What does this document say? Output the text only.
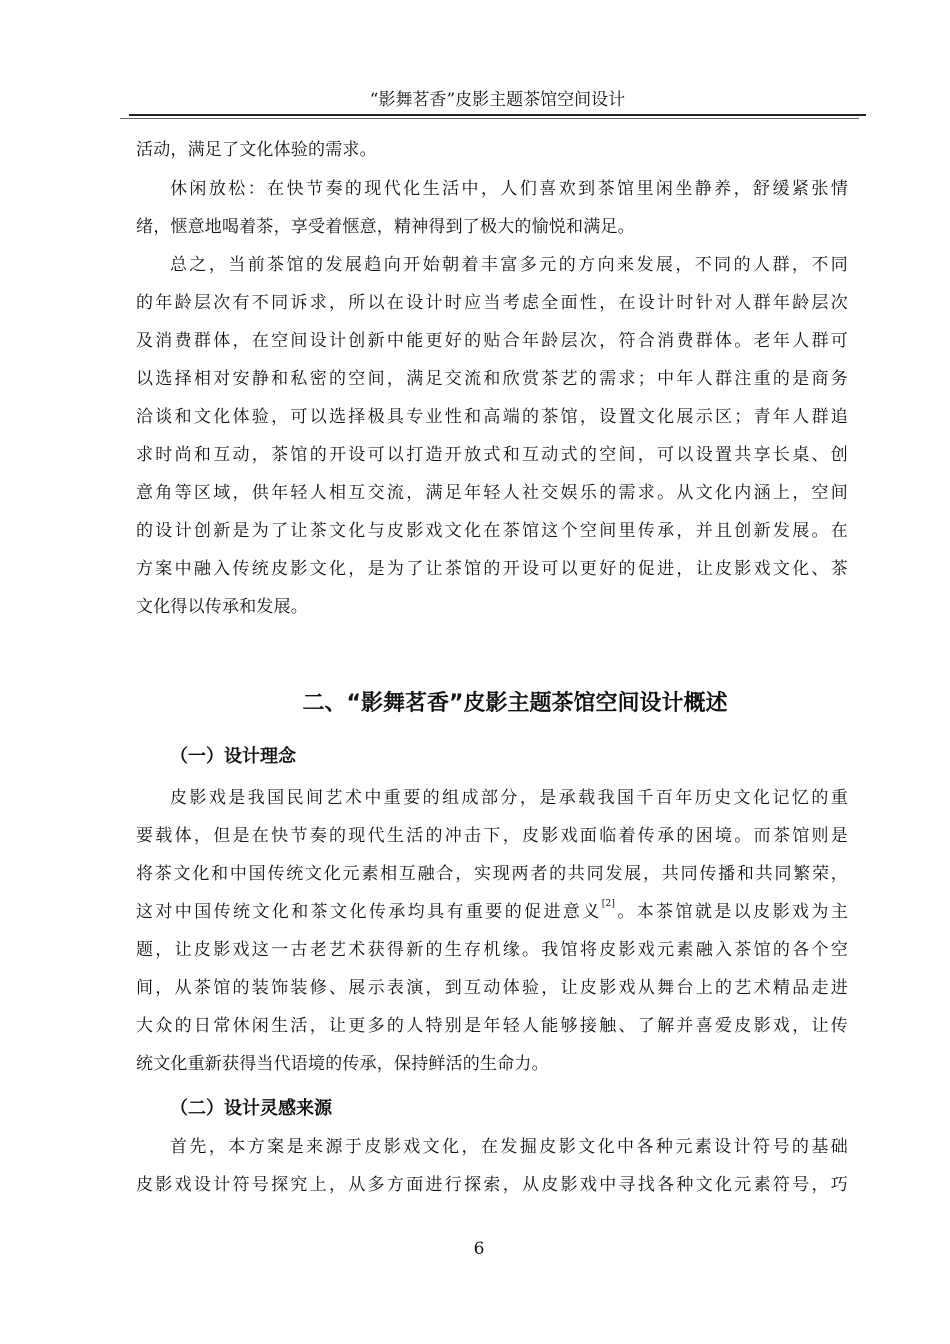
“影舞茗香”皮影主题茶馆空间设计
活动，满足了文化体验的需求。
休闲放松：在快节奏的现代化生活中，人们喜欢到茶馆里闲坐静养，舒缓紧张情
绪，惬意地喝着茶，享受着惬意，精神得到了极大的愉悦和满足。
总之，当前茶馆的发展趋向开始朝着丰富多元的方向来发展，不同的人群，不同
的年龄层次有不同诉求，所以在设计时应当考虑全面性，在设计时针对人群年龄层次
及消费群体，在空间设计创新中能更好的贴合年龄层次，符合消费群体。老年人群可
以选择相对安静和私密的空间，满足交流和欣赏茶艺的需求；中年人群注重的是商务
洽谈和文化体验，可以选择极具专业性和高端的茶馆，设置文化展示区；青年人群追
求时尚和互动，茶馆的开设可以打造开放式和互动式的空间，可以设置共享长桌、创
意角等区域，供年轻人相互交流，满足年轻人社交娱乐的需求。从文化内涵上，空间
的设计创新是为了让茶文化与皮影戏文化在茶馆这个空间里传承，并且创新发展。在
方案中融入传统皮影文化，是为了让茶馆的开设可以更好的促进，让皮影戏文化、茶
文化得以传承和发展。
二、“影舞茗香”皮影主题茶馆空间设计概述
（一）设计理念
皮影戏是我国民间艺术中重要的组成部分，是承载我国千百年历史文化记忆的重
要载体，但是在快节奏的现代生活的冲击下，皮影戏面临着传承的困境。而茶馆则是
将茶文化和中国传统文化元素相互融合，实现两者的共同发展，共同传播和共同繁荣，
这对中国传统文化和茶文化传承均具有重要的促进意义[2]。本茶馆就是以皮影戏为主
题，让皮影戏这一古老艺术获得新的生存机缘。我馆将皮影戏元素融入茶馆的各个空
间，从茶馆的装饰装修、展示表演，到互动体验，让皮影戏从舞台上的艺术精品走进
大众的日常休闲生活，让更多的人特别是年轻人能够接触、了解并喜爱皮影戏，让传
统文化重新获得当代语境的传承，保持鲜活的生命力。
（二）设计灵感来源
首先，本方案是来源于皮影戏文化，在发掘皮影文化中各种元素设计符号的基础
皮影戏设计符号探究上，从多方面进行探索，从皮影戏中寻找各种文化元素符号，巧
6
